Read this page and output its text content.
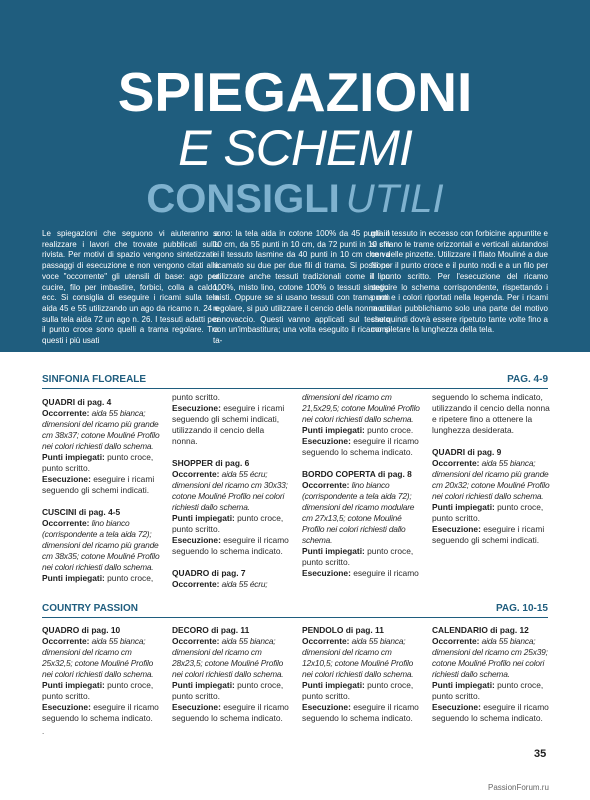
SPIEGAZIONI
E SCHEMI
CONSIGLI UTILI
Le spiegazioni che seguono vi aiuteranno a realizzare i lavori che trovate pubblicati sulla rivista. Per motivi di spazio vengono sintetizzati i passaggi di esecuzione e non vengono citati alla voce "occorrente" gli utensili di base: ago per cucire, filo per imbastire, forbici, colla a caldo, ecc. Si consiglia di eseguire i ricami sulla tela aida 45 e 55 utilizzando un ago da ricamo n. 24 e sulla tela aida 72 un ago n. 26. I tessuti adatti per il punto croce sono quelli a trama regolare. Tra questi i più usati
sono: la tela aida in cotone 100% da 45 punti in 10 cm, da 55 punti in 10 cm, da 72 punti in 10 cm e il tessuto lasmine da 40 punti in 10 cm che va ricamato su due per due fili di trama. Si possono utilizzare anche tessuti tradizionali come il lino 100%, misto lino, cotone 100% o tessuti sintetici misti. Oppure se si usano tessuti con trama non regolare, si può utilizzare il cencio della nonna o il canovaccio. Questi vanno applicati sul tessuto con un'imbastitura; una volta eseguito il ricamo si ta-
glia il tessuto in eccesso con forbicine appuntite e si sfilano le trame orizzontali e verticali aiutandosi con delle pinzette. Utilizzare il filato Mouliné a due fili per il punto croce e il punto nodi e a un filo per il punto scritto. Per l'esecuzione del ricamo seguire lo schema corrispondente, rispettando i punti e i colori riportati nella legenda. Per i ricami modulari pubblichiamo solo una parte del motivo che quindi dovrà essere ripetuto tante volte fino a completare la lunghezza della tela.
SINFONIA FLOREALE	PAG. 4-9
QUADRI di pag. 4
Occorrente: aida 55 bianca; dimensioni del ricamo più grande cm 38x37; cotone Mouliné Profilo nei colori richiesti dallo schema.
Punti impiegati: punto croce, punto scritto.
Esecuzione: eseguire i ricami seguendo gli schemi indicati.
CUSCINI di pag. 4-5
Occorrente: lino bianco (corrispondente a tela aida 72); dimensioni del ricamo più grande cm 38x35; cotone Mouliné Profilo nei colori richiesti dallo schema.
Punti impiegati: punto croce,
punto scritto.
Esecuzione: eseguire i ricami seguendo gli schemi indicati, utilizzando il cencio della nonna.
SHOPPER di pag. 6
Occorrente: aida 55 écru; dimensioni del ricamo cm 30x33; cotone Mouliné Profilo nei colori richiesti dallo schema.
Punti impiegati: punto croce, punto scritto.
Esecuzione: eseguire il ricamo seguendo lo schema indicato.
QUADRO di pag. 7
Occorrente: aida 55 écru;
dimensioni del ricamo cm 21,5x29,5; cotone Mouliné Profilo nei colori richiesti dallo schema.
Punti impiegati: punto croce.
Esecuzione: eseguire il ricamo seguendo lo schema indicato.
BORDO COPERTA di pag. 8
Occorrente: lino bianco (corrispondente a tela aida 72); dimensioni del ricamo modulare cm 27x13,5; cotone Mouliné Profilo nei colori richiesti dallo schema.
Punti impiegati: punto croce, punto scritto.
Esecuzione: eseguire il ricamo
seguendo lo schema indicato, utilizzando il cencio della nonna e ripetere fino a ottenere la lunghezza desiderata.
QUADRI di pag. 9
Occorrente: aida 55 bianca; dimensioni del ricamo più grande cm 20x32; cotone Mouliné Profilo nei colori richiesti dallo schema.
Punti impiegati: punto croce, punto scritto.
Esecuzione: eseguire i ricami seguendo gli schemi indicati.
COUNTRY PASSION	PAG. 10-15
QUADRO di pag. 10
Occorrente: aida 55 bianca; dimensioni del ricamo cm 25x32,5; cotone Mouliné Profilo nei colori richiesti dallo schema.
Punti impiegati: punto croce, punto scritto.
Esecuzione: eseguire il ricamo seguendo lo schema indicato.
DECORO di pag. 11
Occorrente: aida 55 bianca; dimensioni del ricamo cm 28x23,5; cotone Mouliné Profilo nei colori richiesti dallo schema.
Punti impiegati: punto croce, punto scritto.
Esecuzione: eseguire il ricamo seguendo lo schema indicato.
PENDOLO di pag. 11
Occorrente: aida 55 bianca; dimensioni del ricamo cm 12x10,5; cotone Mouliné Profilo nei colori richiesti dallo schema.
Punti impiegati: punto croce, punto scritto.
Esecuzione: eseguire il ricamo seguendo lo schema indicato.
CALENDARIO di pag. 12
Occorrente: aida 55 bianca; dimensioni del ricamo cm 25x39; cotone Mouliné Profilo nei colori richiesti dallo schema.
Punti impiegati: punto croce, punto scritto.
Esecuzione: eseguire il ricamo seguendo lo schema indicato.
.
35
PassionForum.ru
